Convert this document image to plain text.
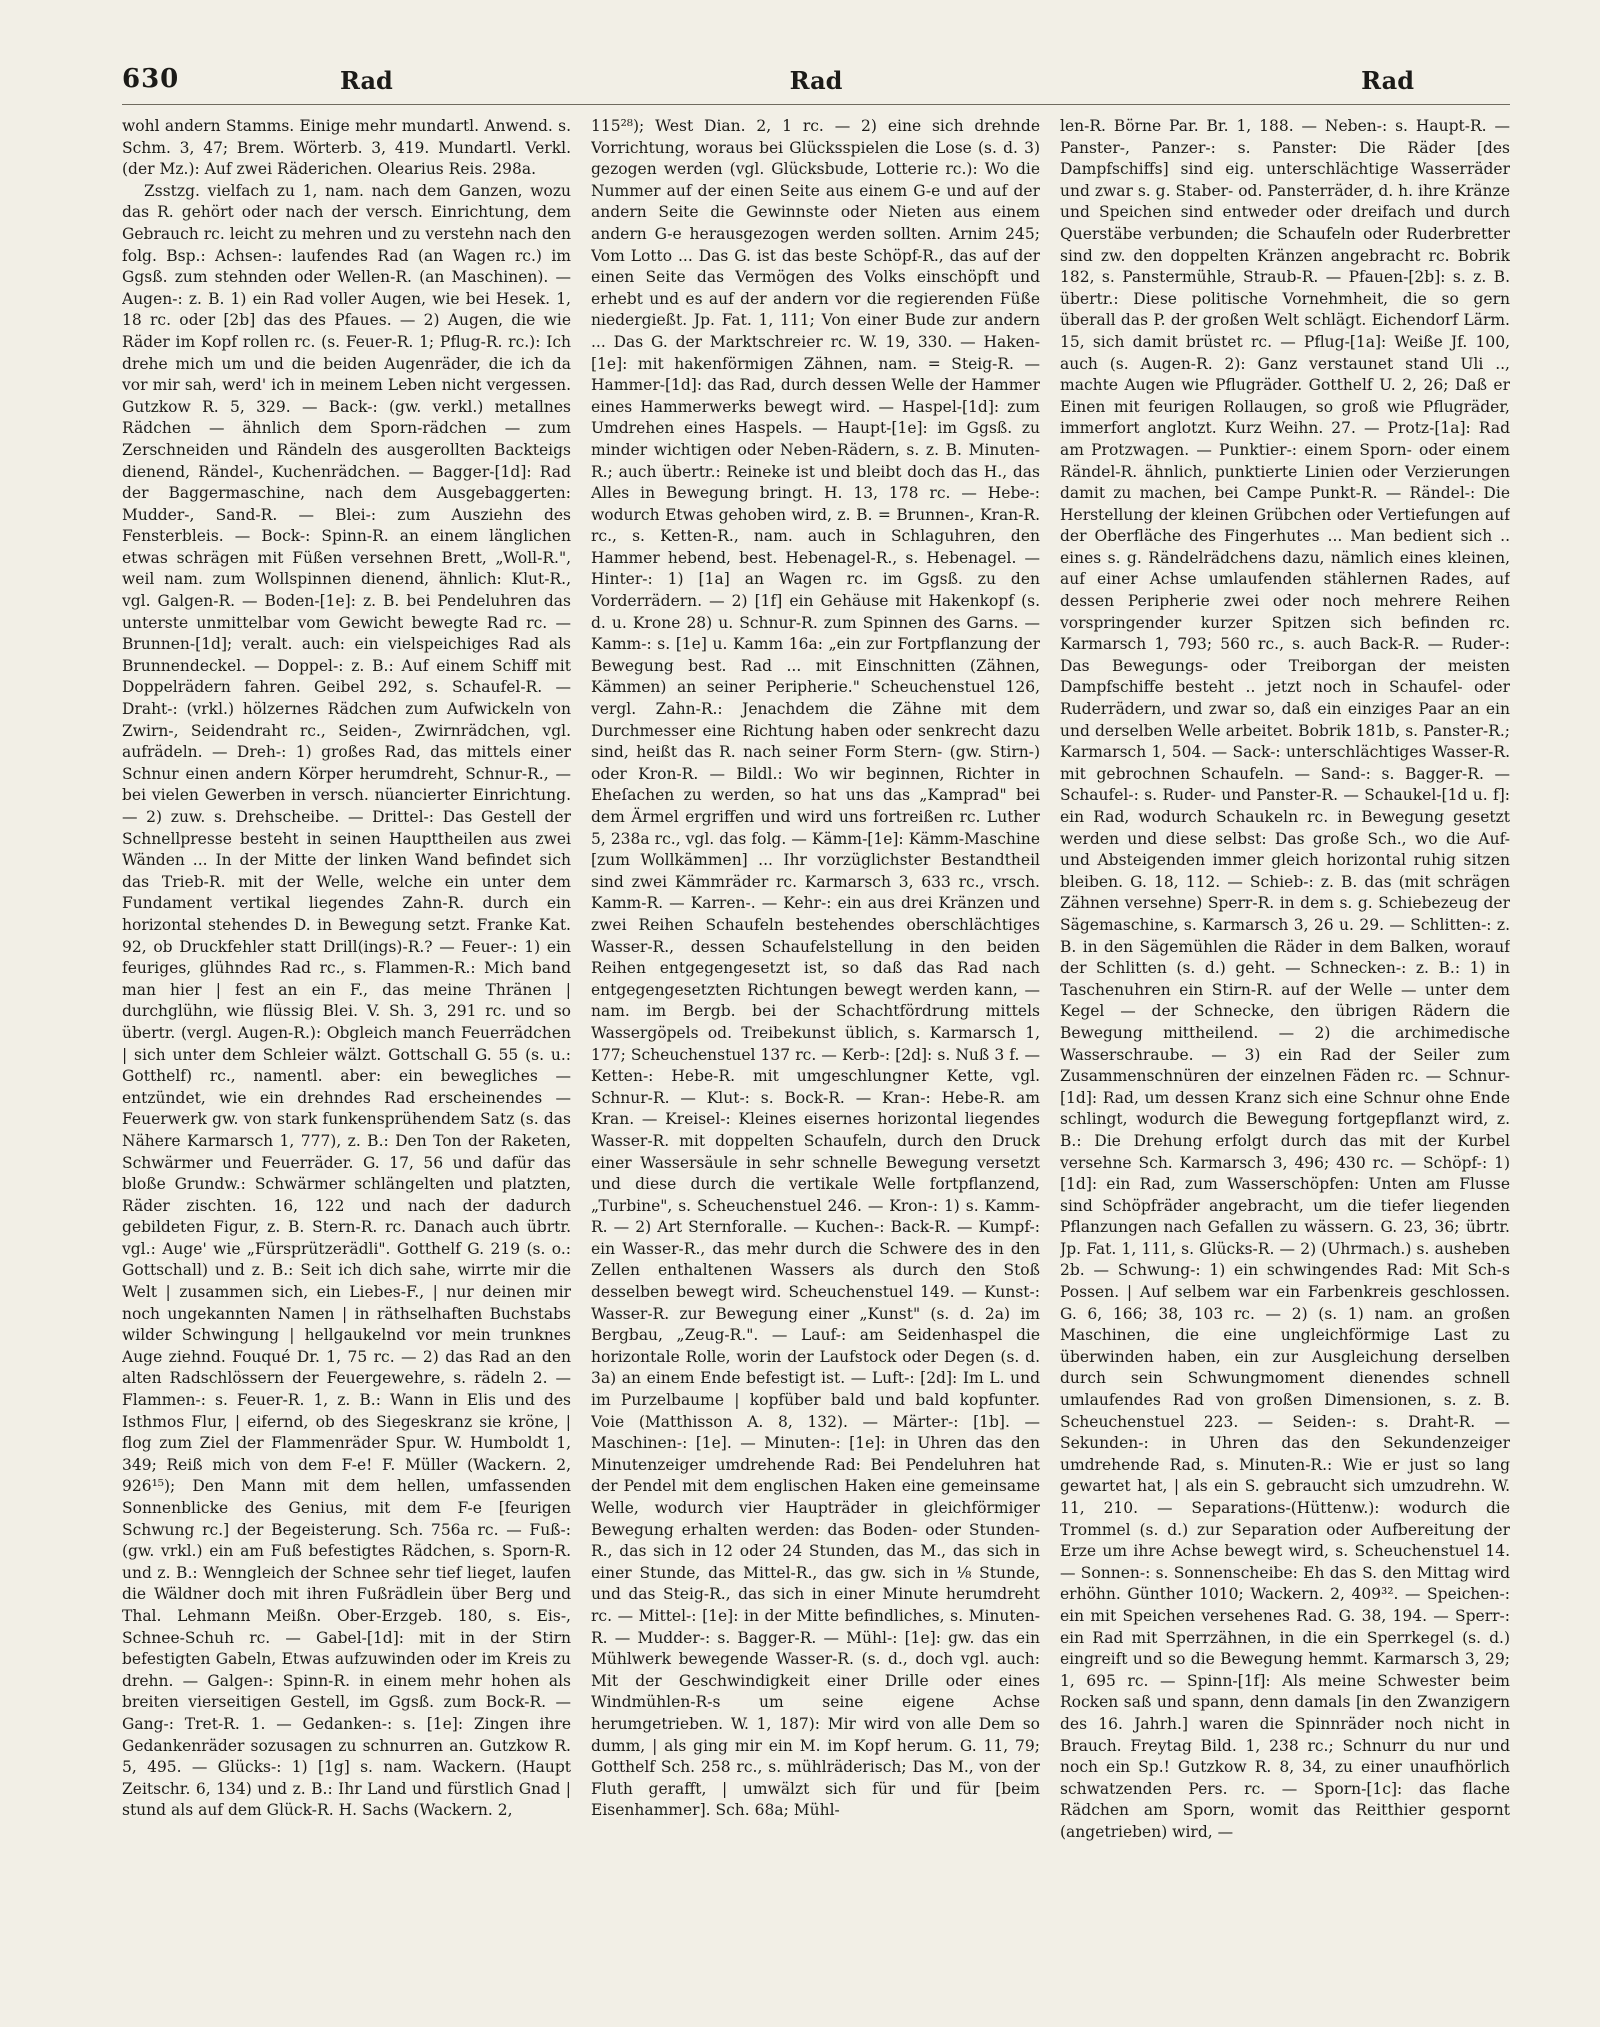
630	Rad	Rad	Rad

wohl andern Stamms. Einige mehr mundartl. Anwend. s. Schm. 3, 47; Brem. Wörterb. 3, 419. Mundartl. Verkl. (der Mz.): Auf zwei Räderichen. Olearius Reis. 298a.

Zsstzg. vielfach zu 1, nam. nach dem Ganzen, wozu das R. gehört oder nach der versch. Einrichtung, dem Gebrauch rc. leicht zu mehren und zu verstehn nach den folg. Bsp.: Achsen-: laufendes Rad (an Wagen rc.) im Ggsß. zum stehnden oder Wellen-R. (an Maschinen). — Augen-: z. B. 1) ein Rad voller Augen, wie bei Hesek. 1, 18 rc. oder [2b] das des Pfaues. — 2) Augen, die wie Räder im Kopf rollen rc. (s. Feuer-R. 1; Pflug-R. rc.): Ich drehe mich um und die beiden Augenräder, die ich da vor mir sah, werd' ich in meinem Leben nicht vergessen. Gutzkow R. 5, 329. — Back-: (gw. verkl.) metallnes Rädchen — ähnlich dem Sporn-rädchen — zum Zerschneiden und Rändeln des ausgerollten Backteigs dienend, Rändel-, Kuchenrädchen. — Bagger-[1d]: Rad der Baggermaschine, nach dem Ausgebaggerten: Mudder-, Sand-R. — Blei-: zum Ausziehn des Fensterbleis. — Bock-: Spinn-R. an einem länglichen etwas schrägen mit Füßen versehnen Brett, „Woll-R.", weil nam. zum Wollspinnen dienend, ähnlich: Klut-R., vgl. Galgen-R. — Boden-[1e]: z. B. bei Pendeluhren das unterste unmittelbar vom Gewicht bewegte Rad rc. — Brunnen-[1d]; veralt. auch: ein vielspeichiges Rad als Brunnendeckel. — Doppel-: z. B.: Auf einem Schiff mit Doppelrädern fahren. Geibel 292, s. Schaufel-R. — Draht-: (vrkl.) hölzernes Rädchen zum Aufwickeln von Zwirn-, Seidendraht rc., Seiden-, Zwirnrädchen, vgl. aufrädeln. — Dreh-: 1) großes Rad, das mittels einer Schnur einen andern Körper herumdreht, Schnur-R., — bei vielen Gewerben in versch. nüancierter Einrichtung. — 2) zuw. s. Drehscheibe. — Drittel-: Das Gestell der Schnellpresse besteht in seinen Haupttheilen aus zwei Wänden ... In der Mitte der linken Wand befindet sich das Trieb-R. mit der Welle, welche ein unter dem Fundament vertikal liegendes Zahn-R. durch ein horizontal stehendes D. in Bewegung setzt. Franke Kat. 92, ob Druckfehler statt Drill(ings)-R.? — Feuer-: 1) ein feuriges, glühndes Rad rc., s. Flammen-R.: Mich band man hier | fest an ein F., das meine Thränen | durchglühn, wie flüssig Blei. V. Sh. 3, 291 rc. und so übertr. (vergl. Augen-R.): Obgleich manch Feuerrädchen | sich unter dem Schleier wälzt. Gottschall G. 55 (s. u.: Gotthelf) rc., namentl. aber: ein bewegliches — entzündet, wie ein drehndes Rad erscheinendes — Feuerwerk gw. von stark funkensprühendem Satz (s. das Nähere Karmarsch 1, 777), z. B.: Den Ton der Raketen, Schwärmer und Feuerräder. G. 17, 56 und dafür das bloße Grundw.: Schwärmer schlängelten und platzten, Räder zischten. 16, 122 und nach der dadurch gebildeten Figur, z. B. Stern-R. rc. Danach auch übrtr. vgl.: Auge' wie „Fürsprützerädli". Gotthelf G. 219 (s. o.: Gottschall) und z. B.: Seit ich dich sahe, wirrte mir die Welt | zusammen sich, ein Liebes-F., | nur deinen mir noch ungekannten Namen | in räthselhaften Buchstabs wilder Schwingung | hellgaukelnd vor mein trunknes Auge ziehnd. Fouqué Dr. 1, 75 rc. — 2) das Rad an den alten Radschlössern der Feuergewehre, s. rädeln 2. — Flammen-: s. Feuer-R. 1, z. B.: Wann in Elis und des Isthmos Flur, | eifernd, ob des Siegeskranz sie kröne, | flog zum Ziel der Flammenräder Spur. W. Humboldt 1, 349; Reiß mich von dem F-e! F. Müller (Wackern. 2, 926¹⁵); Den Mann mit dem hellen, umfassenden Sonnenblicke des Genius, mit dem F-e [feurigen Schwung rc.] der Begeisterung. Sch. 756a rc. — Fuß-: (gw. vrkl.) ein am Fuß befestigtes Rädchen, s. Sporn-R. und z. B.: Wenngleich der Schnee sehr tief lieget, laufen die Wäldner doch mit ihren Fußrädlein über Berg und Thal. Lehmann Meißn. Ober-Erzgeb. 180, s. Eis-, Schnee-Schuh rc. — Gabel-[1d]: mit in der Stirn befestigten Gabeln, Etwas aufzuwinden oder im Kreis zu drehn. — Galgen-: Spinn-R. in einem mehr hohen als breiten vierseitigen Gestell, im Ggsß. zum Bock-R. — Gang-: Tret-R. 1. — Gedanken-: s. [1e]: Zingen ihre Gedankenräder sozusagen zu schnurren an. Gutzkow R. 5, 495. — Glücks-: 1) [1g] s. nam. Wackern. (Haupt Zeitschr. 6, 134) und z. B.: Ihr Land und fürstlich Gnad | stund als auf dem Glück-R. H. Sachs (Wackern. 2,

115²⁸); West Dian. 2, 1 rc. — 2) eine sich drehnde Vorrichtung, woraus bei Glücksspielen die Lose (s. d. 3) gezogen werden (vgl. Glücksbude, Lotterie rc.): Wo die Nummer auf der einen Seite aus einem G-e und auf der andern Seite die Gewinnste oder Nieten aus einem andern G-e herausgezogen werden sollten. Arnim 245; Vom Lotto ... Das G. ist das beste Schöpf-R., das auf der einen Seite das Vermögen des Volks einschöpft und erhebt und es auf der andern vor die regierenden Füße niedergießt. Jp. Fat. 1, 111; Von einer Bude zur andern ... Das G. der Marktschreier rc. W. 19, 330. — Haken-[1e]: mit hakenförmigen Zähnen, nam. = Steig-R. — Hammer-[1d]: das Rad, durch dessen Welle der Hammer eines Hammerwerks bewegt wird. — Haspel-[1d]: zum Umdrehen eines Haspels. — Haupt-[1e]: im Ggsß. zu minder wichtigen oder Neben-Rädern, s. z. B. Minuten-R.; auch übertr.: Reineke ist und bleibt doch das H., das Alles in Bewegung bringt. H. 13, 178 rc. — Hebe-: wodurch Etwas gehoben wird, z. B. = Brunnen-, Kran-R. rc., s. Ketten-R., nam. auch in Schlaguhren, den Hammer hebend, best. Hebenagel-R., s. Hebenagel. — Hinter-: 1) [1a] an Wagen rc. im Ggsß. zu den Vorderrädern. — 2) [1f] ein Gehäuse mit Hakenkopf (s. d. u. Krone 28) u. Schnur-R. zum Spinnen des Garns. — Kamm-: s. [1e] u. Kamm 16a: „ein zur Fortpflanzung der Bewegung best. Rad ... mit Einschnitten (Zähnen, Kämmen) an seiner Peripherie." Scheuchenstuel 126, vergl. Zahn-R.: Jenachdem die Zähne mit dem Durchmesser eine Richtung haben oder senkrecht dazu sind, heißt das R. nach seiner Form Stern- (gw. Stirn-) oder Kron-R. — Bildl.: Wo wir beginnen, Richter in Eheſachen zu werden, so hat uns das „Kamprad" bei dem Ärmel ergriffen und wird uns fortreißen rc. Luther 5, 238a rc., vgl. das folg. — Kämm-[1e]: Kämm-Maschine [zum Wollkämmen] ... Ihr vorzüglichster Bestandtheil sind zwei Kämmräder rc. Karmarsch 3, 633 rc., vrsch. Kamm-R. — Karren-. — Kehr-: ein aus drei Kränzen und zwei Reihen Schaufeln bestehendes oberschlächtiges Wasser-R., dessen Schaufelstellung in den beiden Reihen entgegengesetzt ist, so daß das Rad nach entgegengesetzten Richtungen bewegt werden kann, — nam. im Bergb. bei der Schachtfördrung mittels Wassergöpels od. Treibekunst üblich, s. Karmarsch 1, 177; Scheuchenstuel 137 rc. — Kerb-: [2d]: s. Nuß 3 f. — Ketten-: Hebe-R. mit umgeschlungner Kette, vgl. Schnur-R. — Klut-: s. Bock-R. — Kran-: Hebe-R. am Kran. — Kreisel-: Kleines eisernes horizontal liegendes Wasser-R. mit doppelten Schaufeln, durch den Druck einer Wassersäule in sehr schnelle Bewegung versetzt und diese durch die vertikale Welle fortpflanzend, „Turbine", s. Scheuchenstuel 246. — Kron-: 1) s. Kamm-R. — 2) Art Sternforalle. — Kuchen-: Back-R. — Kumpf-: ein Wasser-R., das mehr durch die Schwere des in den Zellen enthaltenen Wassers als durch den Stoß desselben bewegt wird. Scheuchenstuel 149. — Kunst-: Wasser-R. zur Bewegung einer „Kunst" (s. d. 2a) im Bergbau, „Zeug-R.". — Lauf-: am Seidenhaspel die horizontale Rolle, worin der Laufstock oder Degen (s. d. 3a) an einem Ende befestigt ist. — Luft-: [2d]: Im L. und im Purzelbaume | kopfüber bald und bald kopfunter. Voie (Matthisson A. 8, 132). — Märter-: [1b]. — Maschinen-: [1e]. — Minuten-: [1e]: in Uhren das den Minutenzeiger umdrehende Rad: Bei Pendeluhren hat der Pendel mit dem englischen Haken eine gemeinsame Welle, wodurch vier Haupträder in gleichförmiger Bewegung erhalten werden: das Boden- oder Stunden-R., das sich in 12 oder 24 Stunden, das M., das sich in einer Stunde, das Mittel-R., das gw. sich in ⅛ Stunde, und das Steig-R., das sich in einer Minute herumdreht rc. — Mittel-: [1e]: in der Mitte befindliches, s. Minuten-R. — Mudder-: s. Bagger-R. — Mühl-: [1e]: gw. das ein Mühlwerk bewegende Wasser-R. (s. d., doch vgl. auch: Mit der Geschwindigkeit einer Drille oder eines Windmühlen-R-s um seine eigene Achse herumgetrieben. W. 1, 187): Mir wird von alle Dem so dumm, | als ging mir ein M. im Kopf herum. G. 11, 79; Gotthelf Sch. 258 rc., s. mühlräderisch; Das M., von der Fluth gerafft, | umwälzt sich für und für [beim Eisenhammer]. Sch. 68a; Mühl-

len-R. Börne Par. Br. 1, 188. — Neben-: s. Haupt-R. — Panster-, Panzer-: s. Panster: Die Räder [des Dampfschiffs] sind eig. unterschlächtige Wasserräder und zwar s. g. Staber- od. Pansterräder, d. h. ihre Kränze und Speichen sind entweder oder dreifach und durch Querstäbe verbunden; die Schaufeln oder Ruderbretter sind zw. den doppelten Kränzen angebracht rc. Bobrik 182, s. Panstermühle, Straub-R. — Pfauen-[2b]: s. z. B. übertr.: Diese politische Vornehmheit, die so gern überall das P. der großen Welt schlägt. Eichendorf Lärm. 15, sich damit brüstet rc. — Pflug-[1a]: Weiße Jf. 100, auch (s. Augen-R. 2): Ganz verstaunet stand Uli .., machte Augen wie Pflugräder. Gotthelf U. 2, 26; Daß er Einen mit feurigen Rollaugen, so groß wie Pflugräder, immerfort anglotzt. Kurz Weihn. 27. — Protz-[1a]: Rad am Protzwagen. — Punktier-: einem Sporn- oder einem Rändel-R. ähnlich, punktierte Linien oder Verzierungen damit zu machen, bei Campe Punkt-R. — Rändel-: Die Herstellung der kleinen Grübchen oder Vertiefungen auf der Oberfläche des Fingerhutes ... Man bedient sich .. eines s. g. Rändelrädchens dazu, nämlich eines kleinen, auf einer Achse umlaufenden stählernen Rades, auf dessen Peripherie zwei oder noch mehrere Reihen vorspringender kurzer Spitzen sich befinden rc. Karmarsch 1, 793; 560 rc., s. auch Back-R. — Ruder-: Das Bewegungs- oder Treiborgan der meisten Dampfschiffe besteht .. jetzt noch in Schaufel- oder Ruderrädern, und zwar so, daß ein einziges Paar an ein und derselben Welle arbeitet. Bobrik 181b, s. Panster-R.; Karmarsch 1, 504. — Sack-: unterschlächtiges Wasser-R. mit gebrochnen Schaufeln. — Sand-: s. Bagger-R. — Schaufel-: s. Ruder- und Panster-R. — Schaukel-[1d u. f]: ein Rad, wodurch Schaukeln rc. in Bewegung gesetzt werden und diese selbst: Das große Sch., wo die Auf- und Absteigenden immer gleich horizontal ruhig sitzen bleiben. G. 18, 112. — Schieb-: z. B. das (mit schrägen Zähnen versehne) Sperr-R. in dem s. g. Schiebezeug der Sägemaschine, s. Karmarsch 3, 26 u. 29. — Schlitten-: z. B. in den Sägemühlen die Räder in dem Balken, worauf der Schlitten (s. d.) geht. — Schnecken-: z. B.: 1) in Taschenuhren ein Stirn-R. auf der Welle — unter dem Kegel — der Schnecke, den übrigen Rädern die Bewegung mittheilend. — 2) die archimedische Wasserschraube. — 3) ein Rad der Seiler zum Zusammenschnüren der einzelnen Fäden rc. — Schnur-[1d]: Rad, um dessen Kranz sich eine Schnur ohne Ende schlingt, wodurch die Bewegung fortgepflanzt wird, z. B.: Die Drehung erfolgt durch das mit der Kurbel versehne Sch. Karmarsch 3, 496; 430 rc. — Schöpf-: 1) [1d]: ein Rad, zum Wasserschöpfen: Unten am Flusse sind Schöpfräder angebracht, um die tiefer liegenden Pflanzungen nach Gefallen zu wässern. G. 23, 36; übrtr. Jp. Fat. 1, 111, s. Glücks-R. — 2) (Uhrmach.) s. ausheben 2b. — Schwung-: 1) ein schwingendes Rad: Mit Sch-s Possen. | Auf selbem war ein Farbenkreis geschlossen. G. 6, 166; 38, 103 rc. — 2) (s. 1) nam. an großen Maschinen, die eine ungleichförmige Last zu überwinden haben, ein zur Ausgleichung derselben durch sein Schwungmoment dienendes schnell umlaufendes Rad von großen Dimensionen, s. z. B. Scheuchenstuel 223. — Seiden-: s. Draht-R. — Sekunden-: in Uhren das den Sekundenzeiger umdrehende Rad, s. Minuten-R.: Wie er just so lang gewartet hat, | als ein S. gebraucht sich umzudrehn. W. 11, 210. — Separations-(Hüttenw.): wodurch die Trommel (s. d.) zur Separation oder Aufbereitung der Erze um ihre Achse bewegt wird, s. Scheuchenstuel 14. — Sonnen-: s. Sonnenscheibe: Eh das S. den Mittag wird erhöhn. Günther 1010; Wackern. 2, 409³². — Speichen-: ein mit Speichen versehenes Rad. G. 38, 194. — Sperr-: ein Rad mit Sperrzähnen, in die ein Sperrkegel (s. d.) eingreift und so die Bewegung hemmt. Karmarsch 3, 29; 1, 695 rc. — Spinn-[1f]: Als meine Schwester beim Rocken saß und spann, denn damals [in den Zwanzigern des 16. Jahrh.] waren die Spinnräder noch nicht in Brauch. Freytag Bild. 1, 238 rc.; Schnurr du nur und noch ein Sp.! Gutzkow R. 8, 34, zu einer unaufhörlich schwatzenden Pers. rc. — Sporn-[1c]: das flache Rädchen am Sporn, womit das Reitthier gespornt (angetrieben) wird, —
